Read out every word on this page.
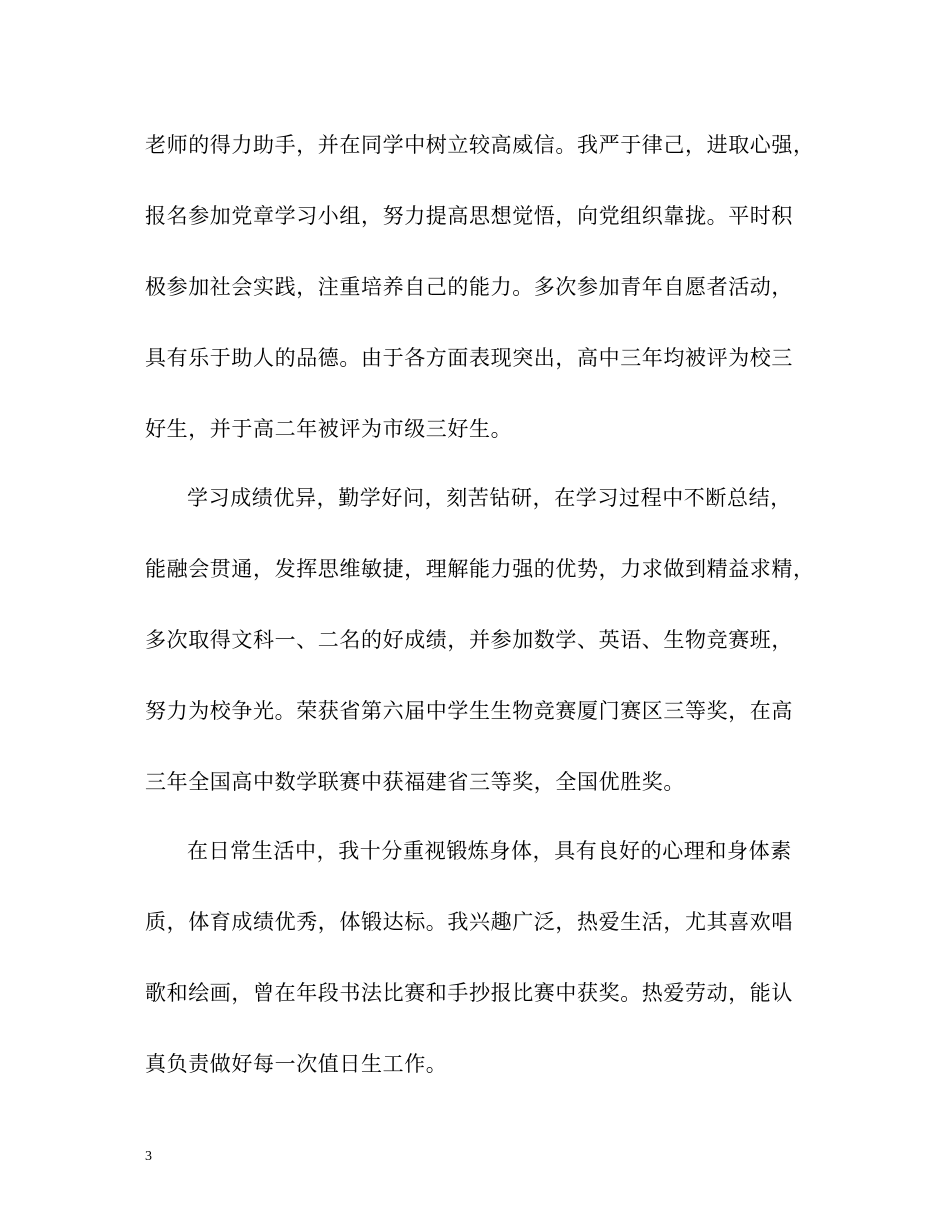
老师的得力助手，并在同学中树立较高威信。我严于律己，进取心强，
报名参加党章学习小组，努力提高思想觉悟，向党组织靠拢。平时积
极参加社会实践，注重培养自己的能力。多次参加青年自愿者活动，
具有乐于助人的品德。由于各方面表现突出，高中三年均被评为校三
好生，并于高二年被评为市级三好生。
学习成绩优异，勤学好问，刻苦钻研，在学习过程中不断总结，
能融会贯通，发挥思维敏捷，理解能力强的优势，力求做到精益求精，
多次取得文科一、二名的好成绩，并参加数学、英语、生物竞赛班，
努力为校争光。荣获省第六届中学生生物竞赛厦门赛区三等奖，在高
三年全国高中数学联赛中获福建省三等奖，全国优胜奖。
在日常生活中，我十分重视锻炼身体，具有良好的心理和身体素
质，体育成绩优秀，体锻达标。我兴趣广泛，热爱生活，尤其喜欢唱
歌和绘画，曾在年段书法比赛和手抄报比赛中获奖。热爱劳动，能认
真负责做好每一次值日生工作。
3
